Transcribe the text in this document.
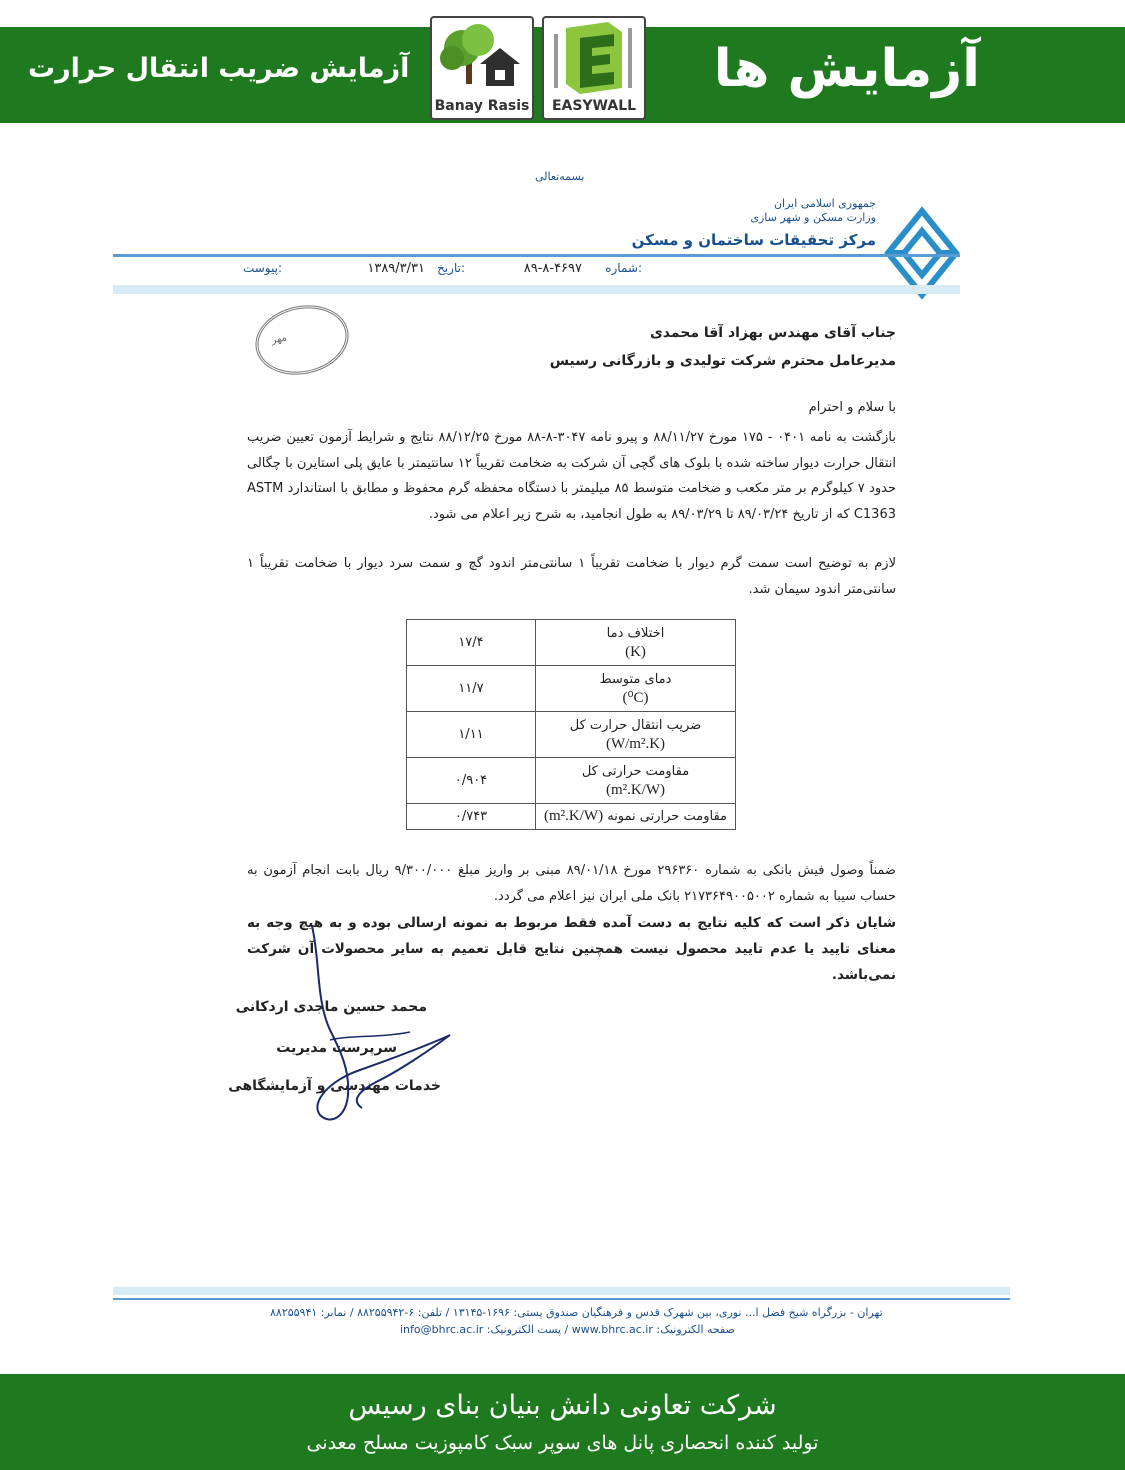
آزمایش ضریب انتقال حرارت	آزمایش ها
Banay Rasis	EASYWALL
بسمه‌تعالی
جمهوری اسلامی ایران
وزارت مسکن و شهر سازی
مرکز تحقیقات ساختمان و مسکن
شماره:
۸۹-۸-۴۶۹۷
تاریخ:
۱۳۸۹/۳/۳۱
پیوست:
مهر	جناب آقای مهندس بهزاد آقا محمدی
مدیرعامل محترم شرکت تولیدی و بازرگانی رسیس
با سلام و احترام
بازگشت به نامه ۰۴۰۱ - ۱۷۵ مورخ ۸۸/۱۱/۲۷ و پیرو نامه ۳۰۴۷-۸-۸۸ مورخ ۸۸/۱۲/۲۵ نتایج و شرایط آزمون تعیین ضریب انتقال حرارت دیوار ساخته شده با بلوک های گچی آن شرکت به ضخامت تقریباً ۱۲ سانتیمتر با عایق پلی استایرن با چگالی حدود ۷ کیلوگرم بر متر مکعب و ضخامت متوسط ۸۵ میلیمتر با دستگاه محفظه گرم محفوظ و مطابق با استاندارد ASTM C1363 که از تاریخ ۸۹/۰۳/۲۴ تا ۸۹/۰۳/۲۹ به طول انجامید، به شرح زیر اعلام می شود.
لازم به توضیح است سمت گرم دیوار با ضخامت تقریباً ۱ سانتی‌متر اندود گچ و سمت سرد دیوار با ضخامت تقریباً ۱ سانتی‌متر اندود سیمان شد.
۱۷/۴	اختلاف دما
(K)

۱۱/۷	دمای متوسط
(⁰C)

۱/۱۱	ضریب انتقال حرارت کل
(W/m².K)

۰/۹۰۴	مقاومت حرارتی کل
(m².K/W)

۰/۷۴۳	مقاومت حرارتی نمونه (m².K/W)
ضمناً وصول فیش بانکی به شماره ۲۹۶۳۶۰ مورخ ۸۹/۰۱/۱۸ مبنی بر واریز مبلغ ۹/۳۰۰/۰۰۰ ریال بابت انجام آزمون به حساب سیبا به شماره ۲۱۷۳۶۴۹۰۰۵۰۰۲ بانک ملی ایران نیز اعلام می گردد.
شایان ذکر است که کلیه نتایج به دست آمده فقط مربوط به نمونه ارسالی بوده و به هیچ وجه به معنای تایید یا عدم تایید محصول نیست همچنین نتایج قابل تعمیم به سایر محصولات آن شرکت نمی‌باشد.
محمد حسین ماجدی اردکانی
سرپرست مدیریت
خدمات مهندسی و آزمایشگاهی
تهران - بزرگراه شیخ فضل ا... نوری، بین شهرک قدس و فرهنگیان صندوق پستی: ۱۶۹۶-۱۳۱۴۵ / تلفن: ۶-۸۸۲۵۵۹۴۲ / نمابر: ۸۸۲۵۵۹۴۱
صفحه الکترونیک: www.bhrc.ac.ir / پست الکترونیک: info@bhrc.ac.ir
شرکت تعاونی دانش بنیان بنای رسیس
تولید کننده انحصاری پانل های سوپر سبک کامپوزیت مسلح معدنی
